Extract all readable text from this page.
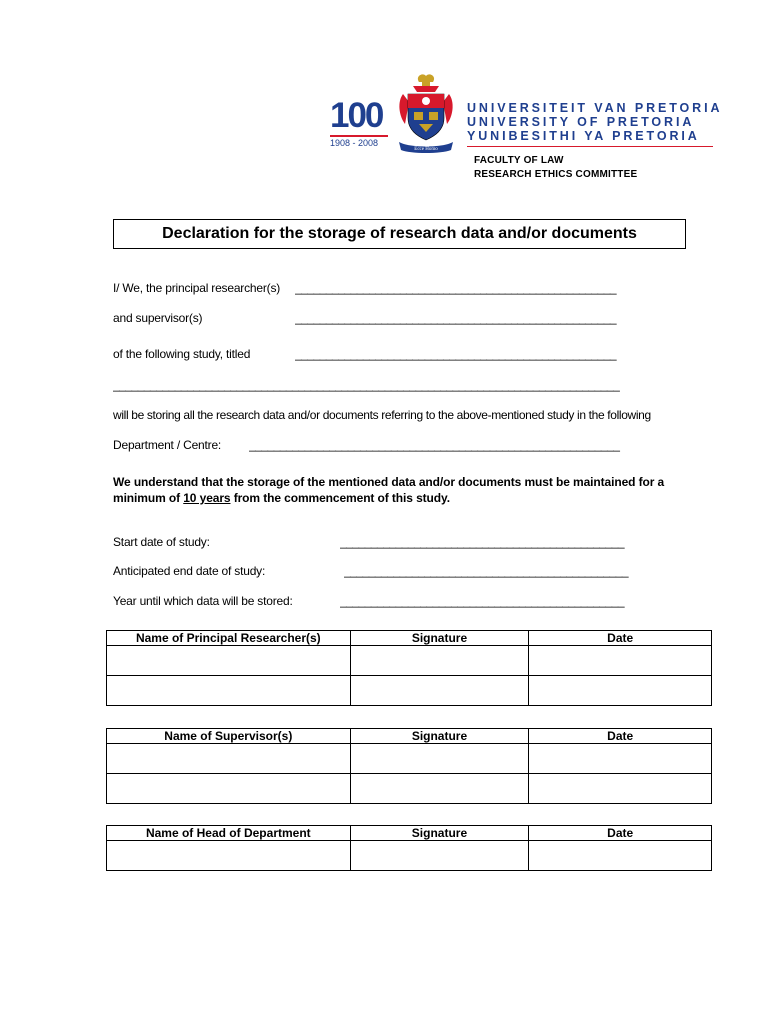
100
1908 - 2008
Ecce Homo
UNIVERSITEIT VAN PRETORIA
UNIVERSITY OF PRETORIA
YUNIBESITHI YA PRETORIA
FACULTY OF LAW
RESEARCH ETHICS COMMITTEE
Declaration for the storage of research data and/or documents
I/ We, the principal researcher(s) ____________________________________________________
and supervisor(s)	____________________________________________________
of the following study, titled	____________________________________________________
__________________________________________________________________________________
will be storing all the research data and/or documents referring to the above-mentioned study in the following
Department / Centre: ____________________________________________________________
We understand that the storage of the mentioned data and/or documents must be maintained for a minimum of 10 years from the commencement of this study.
Start date of study:	______________________________________________
Anticipated end date of study:	______________________________________________
Year until which data will be stored:	______________________________________________
Name of Principal Researcher(s)	Signature	Date

Name of Supervisor(s)	Signature	Date

Name of Head of Department	Signature	Date
